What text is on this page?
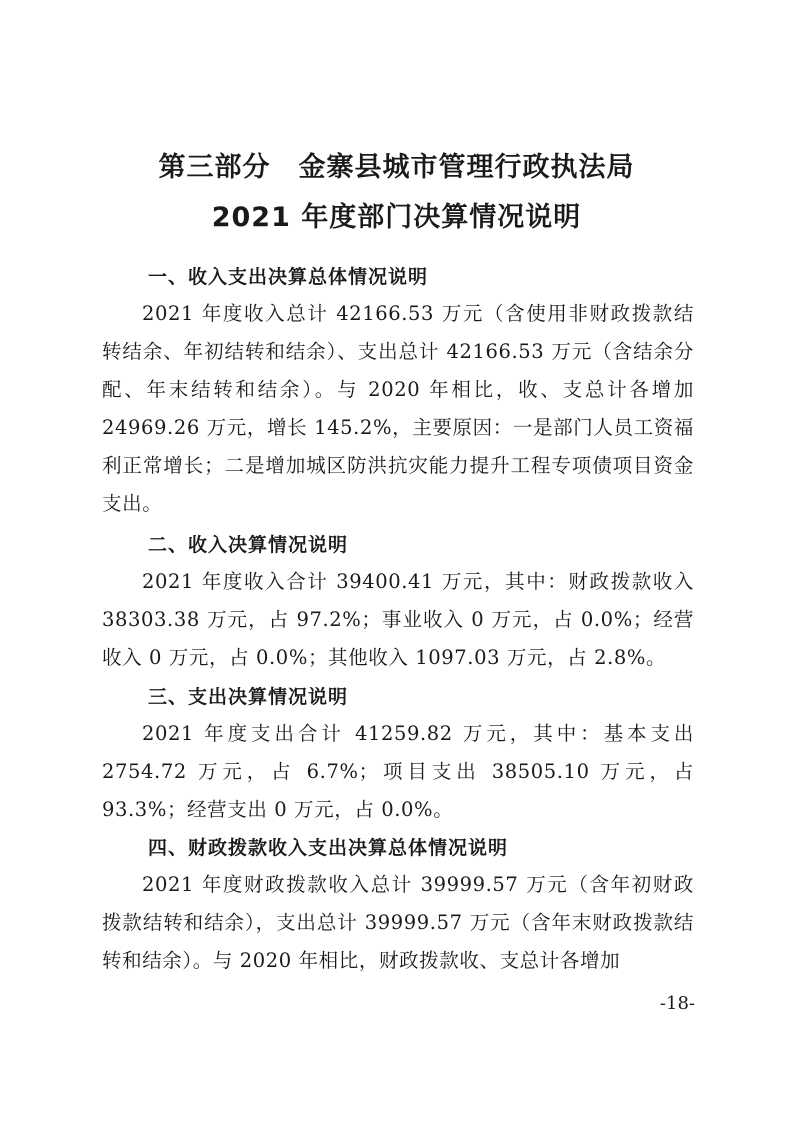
第三部分 金寨县城市管理行政执法局
2021 年度部门决算情况说明
一、收入支出决算总体情况说明
2021 年度收入总计 42166.53 万元（含使用非财政拨款结转结余、年初结转和结余）、支出总计 42166.53 万元（含结余分配、年末结转和结余）。与 2020 年相比，收、支总计各增加 24969.26 万元，增长 145.2%，主要原因：一是部门人员工资福利正常增长；二是增加城区防洪抗灾能力提升工程专项债项目资金支出。
二、收入决算情况说明
2021 年度收入合计 39400.41 万元，其中：财政拨款收入 38303.38 万元，占 97.2%；事业收入 0 万元，占 0.0%；经营收入 0 万元，占 0.0%；其他收入 1097.03 万元，占 2.8%。
三、支出决算情况说明
2021 年度支出合计 41259.82 万元，其中：基本支出 2754.72 万元，占 6.7%；项目支出 38505.10 万元，占 93.3%；经营支出 0 万元，占 0.0%。
四、财政拨款收入支出决算总体情况说明
2021 年度财政拨款收入总计 39999.57 万元（含年初财政拨款结转和结余），支出总计 39999.57 万元（含年末财政拨款结转和结余）。与 2020 年相比，财政拨款收、支总计各增加
-18-
